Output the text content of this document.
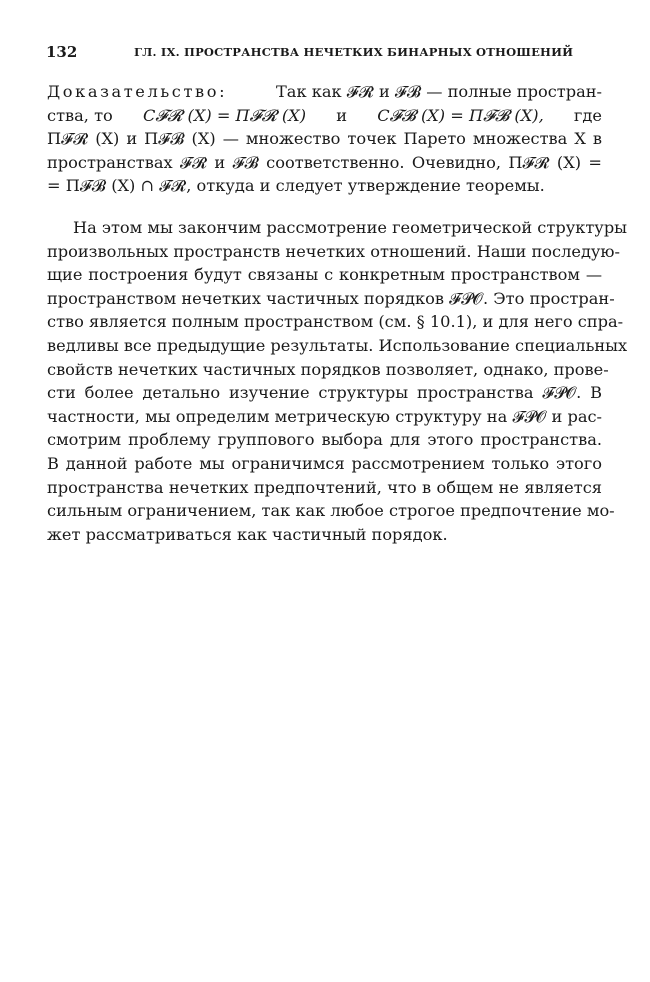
132	ГЛ. IX. ПРОСТРАНСТВА НЕЧЕТКИХ БИНАРНЫХ ОТНОШЕНИЙ
Доказательство:	Так как 𝓕𝓡 и 𝓕𝓑 — полные простран-
ства, то C𝓕𝓡 (X) = Π𝓕𝓡 (X) и C𝓕𝓑 (X) = Π𝓕𝓑 (X), где
Π𝓕𝓡 (X) и Π𝓕𝓑 (X) — множество точек Парето множества X в
пространствах 𝓕𝓡 и 𝓕𝓑 соответственно. Очевидно, Π𝓕𝓡 (X) =
= Π𝓕𝓑 (X) ∩ 𝓕𝓡, откуда и следует утверждение теоремы.
На этом мы закончим рассмотрение геометрической структуры
произвольных пространств нечетких отношений. Наши последую-
щие построения будут связаны с конкретным пространством —
пространством нечетких частичных порядков 𝓕𝓟𝓞. Это простран-
ство является полным пространством (см. § 10.1), и для него спра-
ведливы все предыдущие результаты. Использование специальных
свойств нечетких частичных порядков позволяет, однако, прове-
сти более детально изучение структуры пространства 𝓕𝓟𝓞. В
частности, мы определим метрическую структуру на 𝓕𝓟𝓞 и рас-
смотрим проблему группового выбора для этого пространства.
В данной работе мы ограничимся рассмотрением только этого
пространства нечетких предпочтений, что в общем не является
сильным ограничением, так как любое строгое предпочтение мо-
жет рассматриваться как частичный порядок.
